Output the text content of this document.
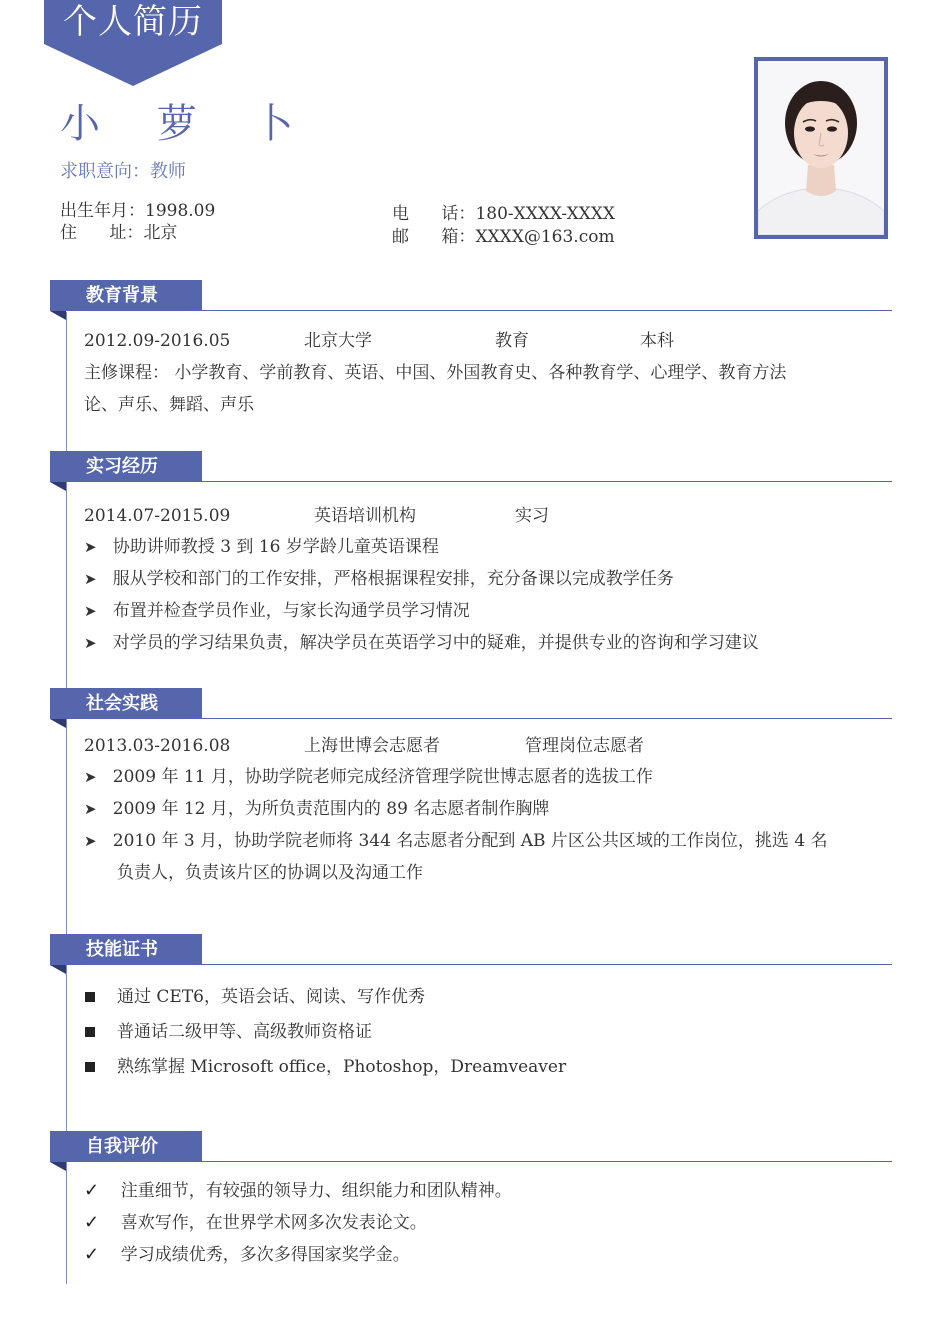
个人简历
小 萝 卜
求职意向：教师
出生年月：1998.09
住      址：北京
电      话：180-XXXX-XXXX
邮      箱：XXXX@163.com
教育背景
2012.09-2016.05	北京大学	教育	本科
主修课程： 小学教育、学前教育、英语、中国、外国教育史、各种教育学、心理学、教育方法
论、声乐、舞蹈、声乐
实习经历
2014.07-2015.09	英语培训机构	实习
➤ 协助讲师教授 3 到 16 岁学龄儿童英语课程
➤ 服从学校和部门的工作安排，严格根据课程安排，充分备课以完成教学任务
➤ 布置并检查学员作业，与家长沟通学员学习情况
➤ 对学员的学习结果负责，解决学员在英语学习中的疑难，并提供专业的咨询和学习建议
社会实践
2013.03-2016.08	上海世博会志愿者	管理岗位志愿者
➤ 2009 年 11 月，协助学院老师完成经济管理学院世博志愿者的选拔工作
➤ 2009 年 12 月，为所负责范围内的 89 名志愿者制作胸牌
➤ 2010 年 3 月，协助学院老师将 344 名志愿者分配到 AB 片区公共区域的工作岗位，挑选 4 名
负责人，负责该片区的协调以及沟通工作
技能证书
通过 CET6，英语会话、阅读、写作优秀
普通话二级甲等、高级教师资格证
熟练掌握 Microsoft office，Photoshop，Dreamveaver
自我评价
✓ 注重细节，有较强的领导力、组织能力和团队精神。
✓ 喜欢写作，在世界学术网多次发表论文。
✓ 学习成绩优秀，多次多得国家奖学金。
